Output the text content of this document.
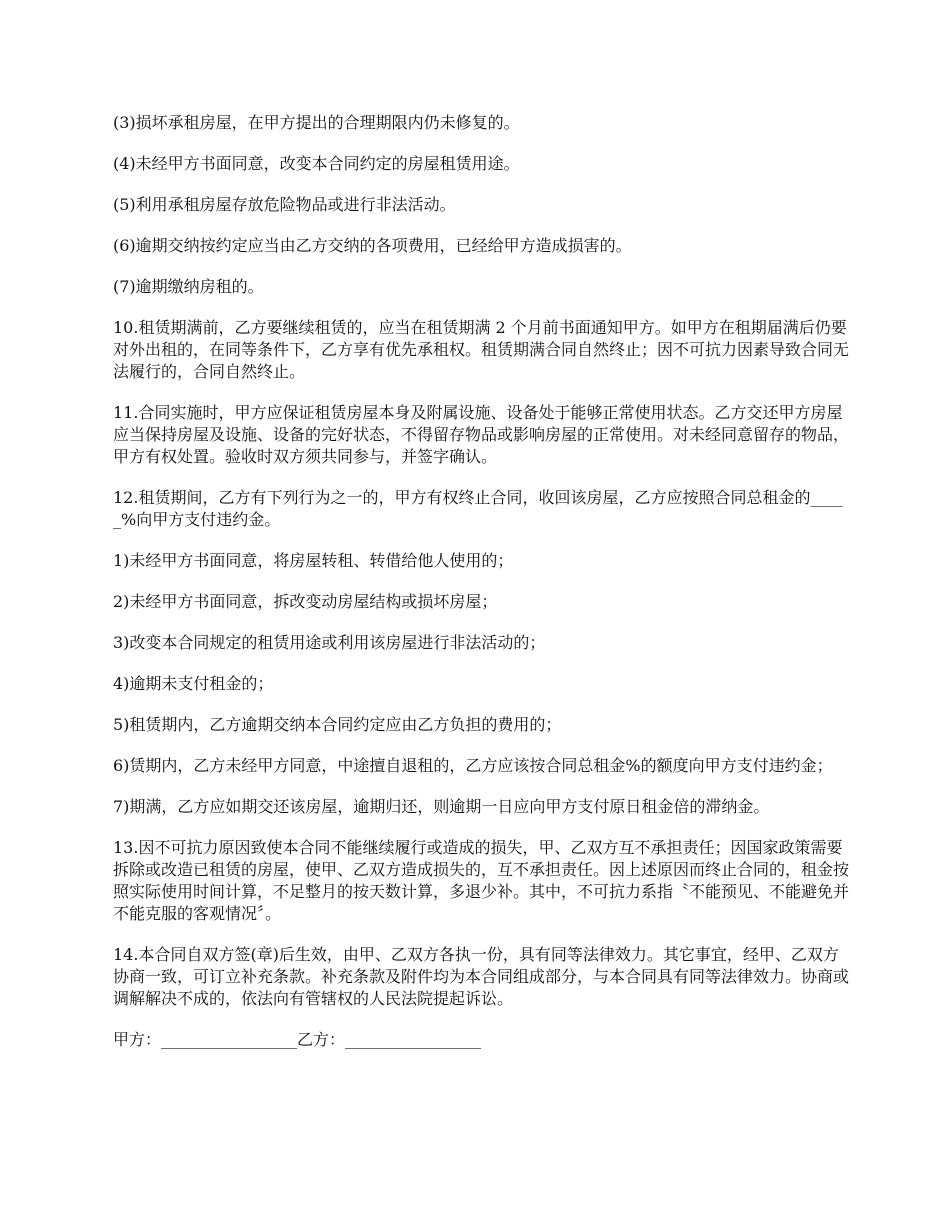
(3)损坏承租房屋，在甲方提出的合理期限内仍未修复的。

(4)未经甲方书面同意，改变本合同约定的房屋租赁用途。

(5)利用承租房屋存放危险物品或进行非法活动。

(6)逾期交纳按约定应当由乙方交纳的各项费用，已经给甲方造成损害的。

(7)逾期缴纳房租的。

10.租赁期满前，乙方要继续租赁的，应当在租赁期满 2 个月前书面通知甲方。如甲方在租期届满后仍要对外出租的，在同等条件下，乙方享有优先承租权。租赁期满合同自然终止；因不可抗力因素导致合同无法履行的，合同自然终止。

11.合同实施时，甲方应保证租赁房屋本身及附属设施、设备处于能够正常使用状态。乙方交还甲方房屋应当保持房屋及设施、设备的完好状态，不得留存物品或影响房屋的正常使用。对未经同意留存的物品，甲方有权处置。验收时双方须共同参与，并签字确认。

12.租赁期间，乙方有下列行为之一的，甲方有权终止合同，收回该房屋，乙方应按照合同总租金的_____%向甲方支付违约金。

1)未经甲方书面同意，将房屋转租、转借给他人使用的；

2)未经甲方书面同意，拆改变动房屋结构或损坏房屋；

3)改变本合同规定的租赁用途或利用该房屋进行非法活动的；

4)逾期未支付租金的；

5)租赁期内，乙方逾期交纳本合同约定应由乙方负担的费用的；

6)赁期内，乙方未经甲方同意，中途擅自退租的，乙方应该按合同总租金%的额度向甲方支付违约金；

7)期满，乙方应如期交还该房屋，逾期归还，则逾期一日应向甲方支付原日租金倍的滞纳金。

13.因不可抗力原因致使本合同不能继续履行或造成的损失，甲、乙双方互不承担责任；因国家政策需要拆除或改造已租赁的房屋，使甲、乙双方造成损失的，互不承担责任。因上述原因而终止合同的，租金按照实际使用时间计算，不足整月的按天数计算，多退少补。其中，不可抗力系指〝不能预见、不能避免并不能克服的客观情况〞。

14.本合同自双方签(章)后生效，由甲、乙双方各执一份，具有同等法律效力。其它事宜，经甲、乙双方协商一致，可订立补充条款。补充条款及附件均为本合同组成部分，与本合同具有同等法律效力。协商或调解解决不成的，依法向有管辖权的人民法院提起诉讼。

甲方：_________________乙方：_________________
